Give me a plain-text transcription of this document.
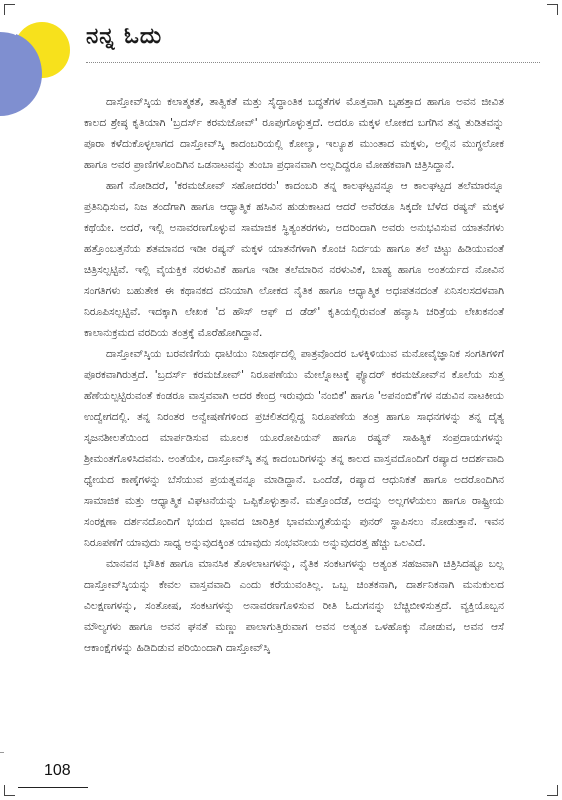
ನನ್ನ ಓದು

ದಾಸ್ತೋವ್‌ಸ್ಕಿಯ ಕಲಾತ್ಮಕತೆ, ತಾತ್ವಿಕತೆ ಮತ್ತು ಸೈದ್ಧಾಂತಿಕ ಬದ್ಧತೆಗಳ ಮೊತ್ತವಾಗಿ ಬೃಹತ್ತಾದ ಹಾಗೂ ಅವನ ಜೀವಿತ ಕಾಲದ ಶ್ರೇಷ್ಠ ಕೃತಿಯಾಗಿ 'ಬ್ರದರ್ಸ್ ಕರಮಜೋವ್' ರೂಪುಗೊಳ್ಳುತ್ತದೆ. ಅದರೂ ಮಕ್ಕಳ ಲೋಕದ ಬಗೆಗಿನ ತನ್ನ ತುಡಿತವನ್ನು ಪೂರಾ ಕಳೆದುಕೊಳ್ಳಲಾಗದ ದಾಸ್ತೋವ್‌ಸ್ಕಿ ಕಾದಂಬರಿಯಲ್ಲಿ ಕೋಲ್ಯಾ, ಇಲ್ಯೂಶ ಮುಂತಾದ ಮಕ್ಕಳು, ಅಲ್ಲಿನ ಮುಗ್ಧಲೋಕ ಹಾಗೂ ಅವರ ಪ್ರಾಣಿಗಳೊಂದಿಗಿನ ಒಡನಾಟವನ್ನು ತುಂಬಾ ಪ್ರಧಾನವಾಗಿ ಅಲ್ಲದಿದ್ದರೂ ಮೋಹಕವಾಗಿ ಚಿತ್ರಿಸಿದ್ದಾನೆ.

ಹಾಗೆ ನೋಡಿದರೆ, 'ಕರಮಜೋವ್ ಸಹೋದರರು' ಕಾದಂಬರಿ ತನ್ನ ಕಾಲಘಟ್ಟವನ್ನೂ ಆ ಕಾಲಘಟ್ಟದ ತಲೆಮಾರನ್ನೂ ಪ್ರತಿನಿಧಿಸುವ, ನಿಜ ತಂದೆಗಾಗಿ ಹಾಗೂ ಆಧ್ಯಾತ್ಮಿಕ ಹಸಿವಿನ ಹುಡುಕಾಟದ ಆದರೆ ಅವೆರಡೂ ಸಿಕ್ಕದೇ ಬೆಳೆದ ರಷ್ಯನ್ ಮಕ್ಕಳ ಕಥೆಯೇ. ಅದರೆ, ಇಲ್ಲಿ ಅನಾವರಣಗೊಳ್ಳುವ ಸಾಮಾಜಿಕ ಸ್ಥಿತ್ಯಂತರಗಳು, ಅದರಿಂದಾಗಿ ಅವರು ಅನುಭವಿಸುವ ಯಾತನೆಗಳು ಹತ್ತೊಂಬತ್ತನೆಯ ಶತಮಾನದ ಇಡೀ ರಷ್ಯನ್ ಮಕ್ಕಳ ಯಾತನೆಗಳಾಗಿ ಕೊಂಚ ನಿರ್ದಯ ಹಾಗೂ ತಲೆ ಚಿಟ್ಟು ಹಿಡಿಯುವಂತೆ ಚಿತ್ರಿಸಲ್ಪಟ್ಟಿವೆ. ಇಲ್ಲಿ ವೈಯಕ್ತಿಕ ನರಳುವಿಕೆ ಹಾಗೂ ಇಡೀ ತಲೆಮಾರಿನ ನರಳುವಿಕೆ, ಬಾಹ್ಯ ಹಾಗೂ ಅಂತರ್ಯದ ನೋವಿನ ಸಂಗತಿಗಳು ಬಹುತೇಕ ಈ ಕಥಾನಕದ ದನಿಯಾಗಿ ಲೋಕದ ನೈತಿಕ ಹಾಗೂ ಆಧ್ಯಾತ್ಮಿಕ ಅಧಃಪತನದಂತೆ ಏನಿಸಲಸದಳವಾಗಿ ನಿರೂಪಿಸಲ್ಪಟ್ಟಿವೆ. ಇದಕ್ಕಾಗಿ ಲೇಖಕ 'ದ ಹೌಸ್ ಆಫ್ ದ ಡೆಡ್' ಕೃತಿಯಲ್ಲಿರುವಂತೆ ಹವ್ಯಾಸಿ ಚರಿತ್ರೆಯ ಲೇಖಕನಂತೆ ಕಾಲಾನುಕ್ರಮದ ವರದಿಯ ತಂತ್ರಕ್ಕೆ ಮೊರೆಹೋಗಿದ್ದಾನೆ.

ದಾಸ್ತೋವ್‌ಸ್ಕಿಯ ಬರವಣಿಗೆಯ ಧಾಟಿಯು ನಿಜಾರ್ಥದಲ್ಲಿ ಪಾತ್ರವೊಂದರ ಒಳಕ್ಕಿಳಿಯುವ ಮನೋವೈಜ್ಞಾನಿಕ ಸಂಗತಿಗಳಿಗೆ ಪೂರಕವಾಗಿರುತ್ತದೆ. 'ಬ್ರದರ್ಸ್ ಕರಮಜೋವ್' ನಿರೂಪಣೆಯು ಮೇಲ್ನೋಟಕ್ಕೆ ಫ್ಯೊದರ್ ಕರಮಜೋವ್‌ನ ಕೊಲೆಯ ಸುತ್ತ ಹೆಣೆಯಲ್ಪಟ್ಟಿರುವಂತೆ ಕಂಡರೂ ವಾಸ್ತವವಾಗಿ ಅದರ ಕೇಂದ್ರ ಇರುವುದು 'ನಂಬಿಕೆ' ಹಾಗೂ 'ಅಪನಂಬಿಕೆ'ಗಳ ನಡುವಿನ ನಾಟಕೀಯ ಉದ್ವೇಗದಲ್ಲಿ. ತನ್ನ ನಿರಂತರ ಅನ್ವೇಷಣೆಗಳಿಂದ ಪ್ರಚಲಿತದಲ್ಲಿದ್ದ ನಿರೂಪಣೆಯ ತಂತ್ರ ಹಾಗೂ ಸಾಧನಗಳನ್ನು ತನ್ನ ದೈತ್ಯ ಸೃಜನಶೀಲತೆಯಿಂದ ಮಾರ್ಪಡಿಸುವ ಮೂಲಕ ಯೂರೋಪಿಯನ್ ಹಾಗೂ ರಷ್ಯನ್ ಸಾಹಿತ್ಯಿಕ ಸಂಪ್ರದಾಯಗಳನ್ನು ಶ್ರೀಮಂತಗೊಳಿಸಿದವನು. ಅಂತೆಯೇ, ದಾಸ್ತೋವ್‌ಸ್ಕಿ ತನ್ನ ಕಾದಂಬರಿಗಳನ್ನು ತನ್ನ ಕಾಲದ ವಾಸ್ತವದೊಂದಿಗೆ ರಷ್ಯಾದ ಆದರ್ಶವಾದಿ ಧ್ಯೇಯದ ಕಾಣ್ಕೆಗಳನ್ನು ಬೆಸೆಯುವ ಪ್ರಯತ್ನವನ್ನೂ ಮಾಡಿದ್ದಾನೆ. ಒಂದೆಡೆ, ರಷ್ಯಾದ ಆಧುನಿಕತೆ ಹಾಗೂ ಅದರೊಂದಿಗಿನ ಸಾಮಾಜಿಕ ಮತ್ತು ಆಧ್ಯಾತ್ಮಿಕ ವಿಘಟನೆಯನ್ನು ಒಪ್ಪಿಕೊಳ್ಳುತ್ತಾನೆ. ಮತ್ತೊಂದೆಡೆ, ಅದನ್ನು ಅಲ್ಲಗಳೆಯಲು ಹಾಗೂ ರಾಷ್ಟ್ರೀಯ ಸಂರಕ್ಷಣಾ ದರ್ಶನದೊಂದಿಗೆ ಭಯದ ಭಾವದ ಚಾರಿತ್ರಿಕ ಭಾವಮುಗ್ಧತೆಯನ್ನು ಪುನರ್ ಸ್ಥಾಪಿಸಲು ನೋಡುತ್ತಾನೆ. ಇವನ ನಿರೂಪಣೆಗೆ ಯಾವುದು ಸಾಧ್ಯ ಅನ್ನುವುದಕ್ಕಿಂತ ಯಾವುದು ಸಂಭವನೀಯ ಅನ್ನುವುದರತ್ತ ಹೆಚ್ಚು ಒಲವಿದೆ.

ಮಾನವನ ಭೌತಿಕ ಹಾಗೂ ಮಾನಸಿಕ ತೊಳಲಾಟಗಳನ್ನು, ನೈತಿಕ ಸಂಕಟಗಳನ್ನು ಅತ್ಯಂತ ಸಹಜವಾಗಿ ಚಿತ್ರಿಸಿದಷ್ಟೂ ಬಲ್ಲ ದಾಸ್ತೋವ್‌ಸ್ಕಿಯನ್ನು ಕೇವಲ ವಾಸ್ತವವಾದಿ ಎಂದು ಕರೆಯುವಂತಿಲ್ಲ. ಒಬ್ಬ ಚಿಂತಕನಾಗಿ, ದಾರ್ಶನಿಕನಾಗಿ ಮನುಕುಲದ ವಿಲಕ್ಷಣಗಳನ್ನು, ಸಂತೋಷ, ಸಂಕಟಗಳನ್ನು ಅನಾವರಣಗೊಳಿಸುವ ರೀತಿ ಓದುಗನನ್ನು ಬೆಚ್ಚಿಬೀಳಿಸುತ್ತದೆ. ವ್ಯಕ್ತಿಯೊಬ್ಬನ ಮೌಲ್ಯಗಳು ಹಾಗೂ ಅವನ ಘನತೆ ಮಣ್ಣು ಪಾಲಾಗುತ್ತಿರುವಾಗ ಅವನ ಅತ್ಯಂತ ಒಳಹೊಕ್ಕು ನೋಡುವ, ಅವನ ಆಸೆ ಆಕಾಂಕ್ಷೆಗಳನ್ನು ಹಿಡಿದಿಡುವ ಪರಿಯಿಂದಾಗಿ ದಾಸ್ತೋವ್‌ಸ್ಕಿ

108
